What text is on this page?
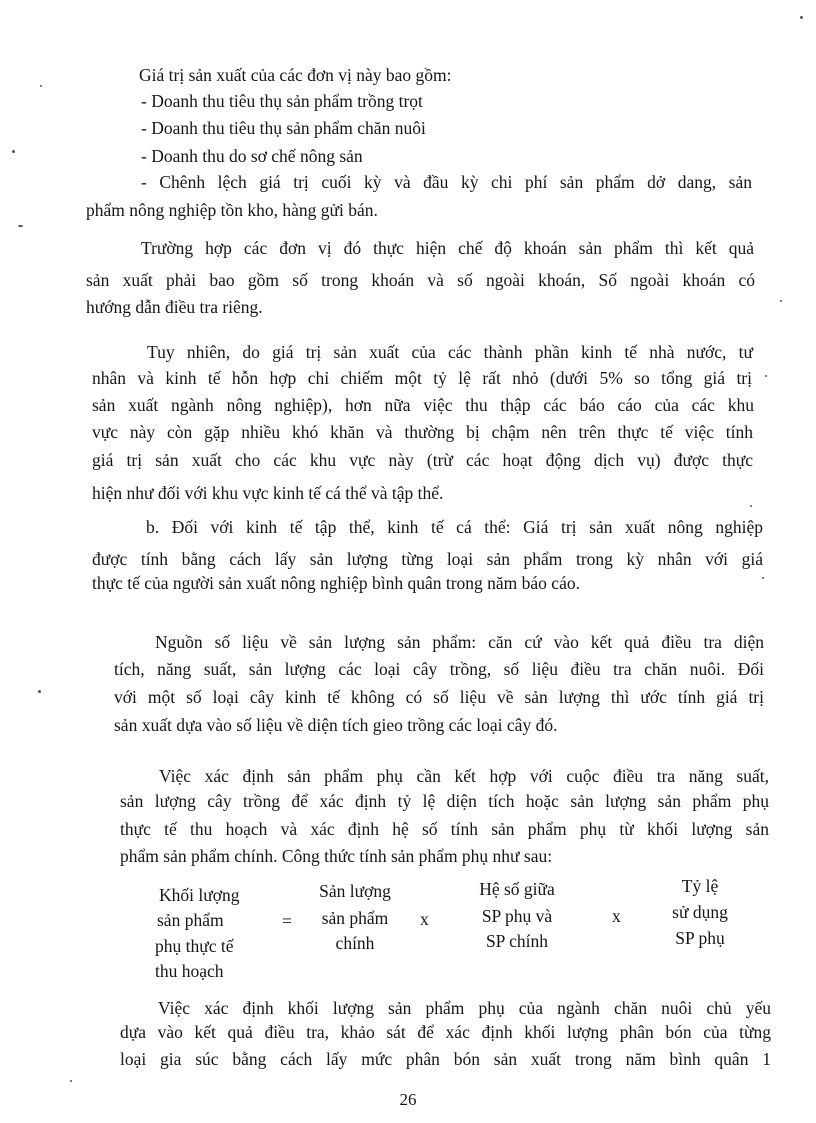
Giá trị sản xuất của các đơn vị này bao gồm:
- Doanh thu tiêu thụ sản phẩm trồng trọt
- Doanh thu tiêu thụ sản phẩm chăn nuôi
- Doanh thu do sơ chế nông sản
- Chênh lệch giá trị cuối kỳ và đầu kỳ chi phí sản phẩm dở dang, sản
phẩm nông nghiệp tồn kho, hàng gửi bán.
Trường hợp các đơn vị đó thực hiện chế độ khoán sản phẩm thì kết quả
sản xuất phải bao gồm số trong khoán và số ngoài khoán, Số ngoài khoán có
hướng dẫn điều tra riêng.
Tuy nhiên, do giá trị sản xuất của các thành phần kinh tế nhà nước, tư
nhân và kinh tế hỗn hợp chỉ chiếm một tỷ lệ rất nhỏ (dưới 5% so tổng giá trị
sản xuất ngành nông nghiệp), hơn nữa việc thu thập các báo cáo của các khu
vực này còn gặp nhiều khó khăn và thường bị chậm nên trên thực tế việc tính
giá trị sản xuất cho các khu vực này (trừ các hoạt động dịch vụ) được thực
hiện như đối với khu vực kinh tế cá thể và tập thể.
b. Đối với kinh tế tập thể, kinh tế cá thể: Giá trị sản xuất nông nghiệp
được tính bằng cách lấy sản lượng từng loại sản phẩm trong kỳ nhân với giá
thực tế của người sản xuất nông nghiệp bình quân trong năm báo cáo.
Nguồn số liệu về sản lượng sản phẩm: căn cứ vào kết quả điều tra diện
tích, năng suất, sản lượng các loại cây trồng, số liệu điều tra chăn nuôi. Đối
với một số loại cây kinh tế không có số liệu về sản lượng thì ước tính giá trị
sản xuất dựa vào số liệu về diện tích gieo trồng các loại cây đó.
Việc xác định sản phẩm phụ cần kết hợp với cuộc điều tra năng suất,
sản lượng cây trồng để xác định tỷ lệ diện tích hoặc sản lượng sản phẩm phụ
thực tế thu hoạch và xác định hệ số tính sản phẩm phụ từ khối lượng sản
phẩm sản phẩm chính. Công thức tính sản phẩm phụ như sau:
Khối lượng
sản phẩm
phụ thực tế
thu hoạch
=
Sản lượng
sản phẩm
chính
x
Hệ số giữa
SP phụ và
SP chính
x
Tỷ lệ
sử dụng
SP phụ
Việc xác định khối lượng sản phẩm phụ của ngành chăn nuôi chủ yếu
dựa vào kết quả điều tra, khảo sát để xác định khối lượng phân bón của từng
loại gia súc bằng cách lấy mức phân bón sản xuất trong năm bình quân 1
26
